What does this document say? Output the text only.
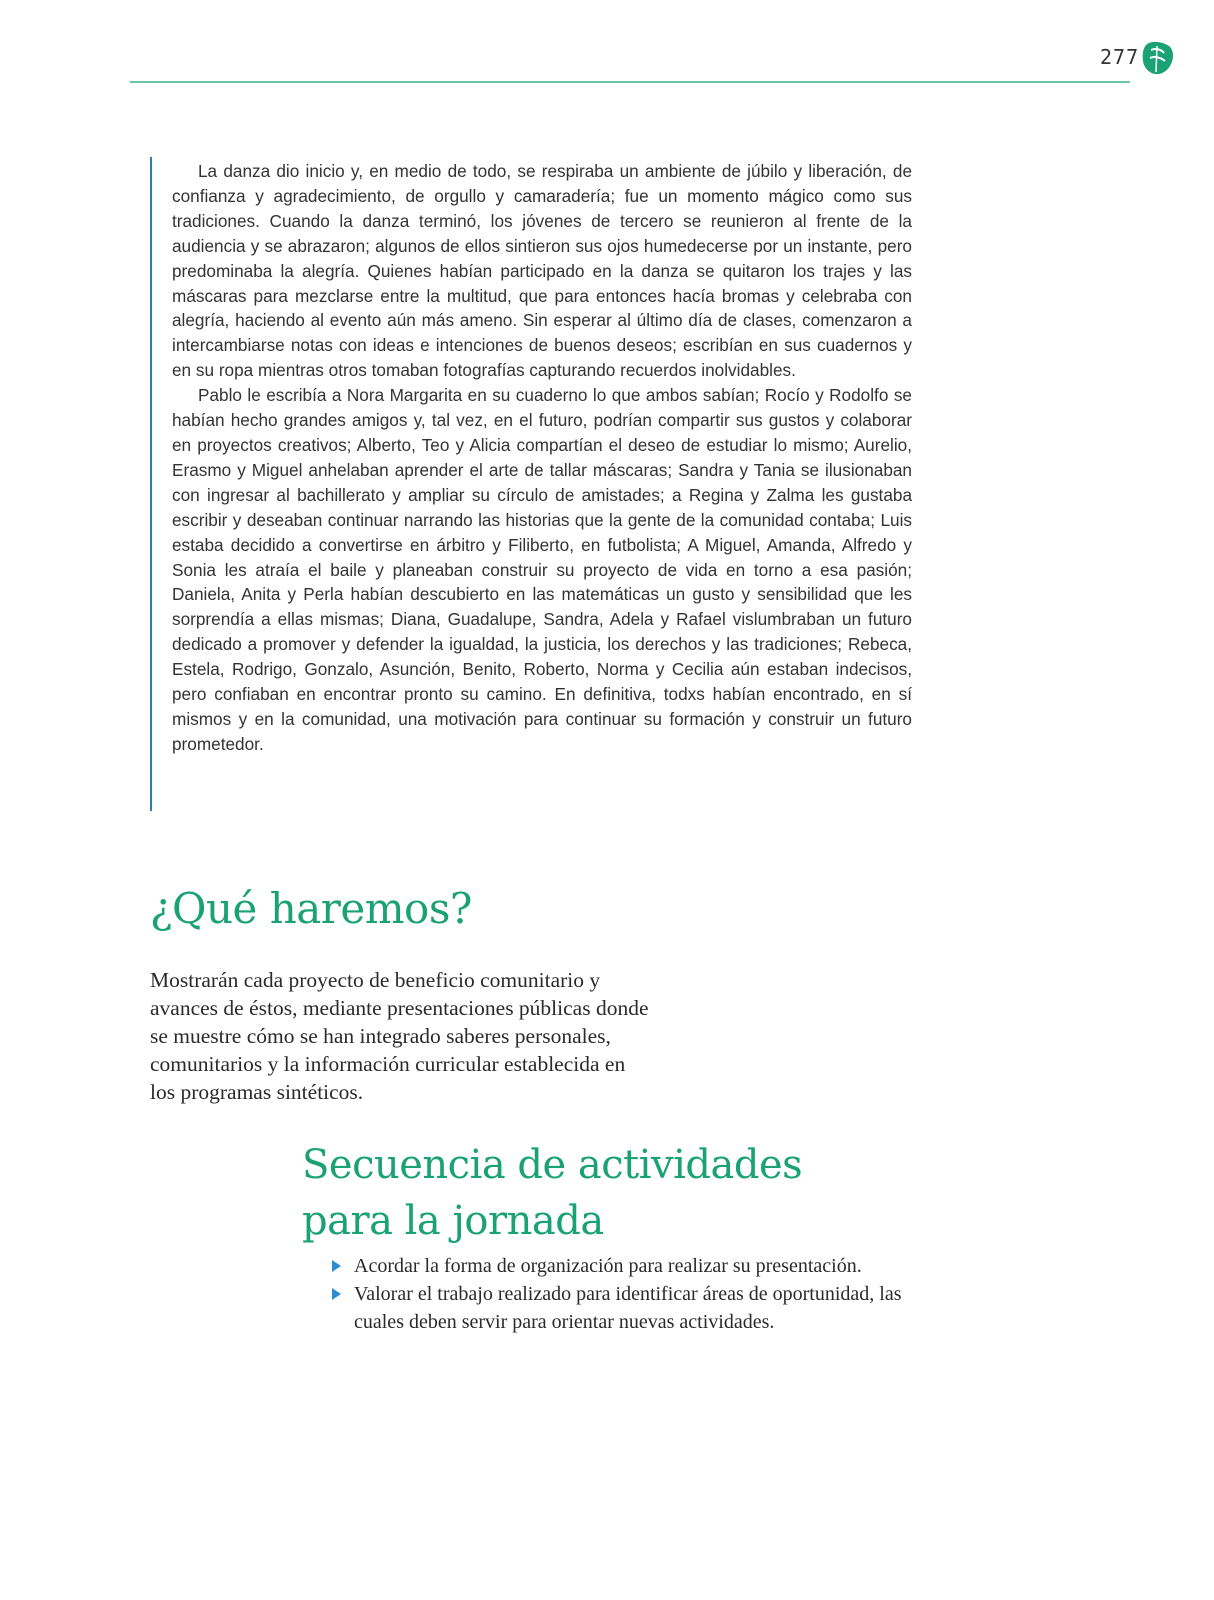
277

La danza dio inicio y, en medio de todo, se respiraba un ambiente de júbilo y liberación, de confianza y agradecimiento, de orgullo y camaradería; fue un momento mágico como sus tradiciones. Cuando la danza terminó, los jóvenes de tercero se reunieron al frente de la audiencia y se abrazaron; algunos de ellos sintieron sus ojos humedecerse por un instante, pero predominaba la alegría. Quienes habían participado en la danza se quitaron los trajes y las máscaras para mezclarse entre la multitud, que para entonces hacía bromas y celebraba con alegría, haciendo al evento aún más ameno. Sin esperar al último día de clases, comenzaron a intercambiarse notas con ideas e intenciones de buenos deseos; escribían en sus cuadernos y en su ropa mientras otros tomaban fotografías capturando recuerdos inolvidables.

Pablo le escribía a Nora Margarita en su cuaderno lo que ambos sabían; Rocío y Rodolfo se habían hecho grandes amigos y, tal vez, en el futuro, podrían compartir sus gustos y colaborar en proyectos creativos; Alberto, Teo y Alicia compartían el deseo de estudiar lo mismo; Aurelio, Erasmo y Miguel anhelaban aprender el arte de tallar máscaras; Sandra y Tania se ilusionaban con ingresar al bachillerato y ampliar su círculo de amistades; a Regina y Zalma les gustaba escribir y deseaban continuar narrando las historias que la gente de la comunidad contaba; Luis estaba decidido a convertirse en árbitro y Filiberto, en futbolista; A Miguel, Amanda, Alfredo y Sonia les atraía el baile y planeaban construir su proyecto de vida en torno a esa pasión; Daniela, Anita y Perla habían descubierto en las matemáticas un gusto y sensibilidad que les sorprendía a ellas mismas; Diana, Guadalupe, Sandra, Adela y Rafael vislumbraban un futuro dedicado a promover y defender la igualdad, la justicia, los derechos y las tradiciones; Rebeca, Estela, Rodrigo, Gonzalo, Asunción, Benito, Roberto, Norma y Cecilia aún estaban indecisos, pero confiaban en encontrar pronto su camino. En definitiva, todxs habían encontrado, en sí mismos y en la comunidad, una motivación para continuar su formación y construir un futuro prometedor.

¿Qué haremos?

Mostrarán cada proyecto de beneficio comunitario y avances de éstos, mediante presentaciones públicas donde se muestre cómo se han integrado saberes personales, comunitarios y la información curricular establecida en los programas sintéticos.

Secuencia de actividades
para la jornada
Acordar la forma de organización para realizar su presentación.
Valorar el trabajo realizado para identificar áreas de oportunidad, las cuales deben servir para orientar nuevas actividades.
